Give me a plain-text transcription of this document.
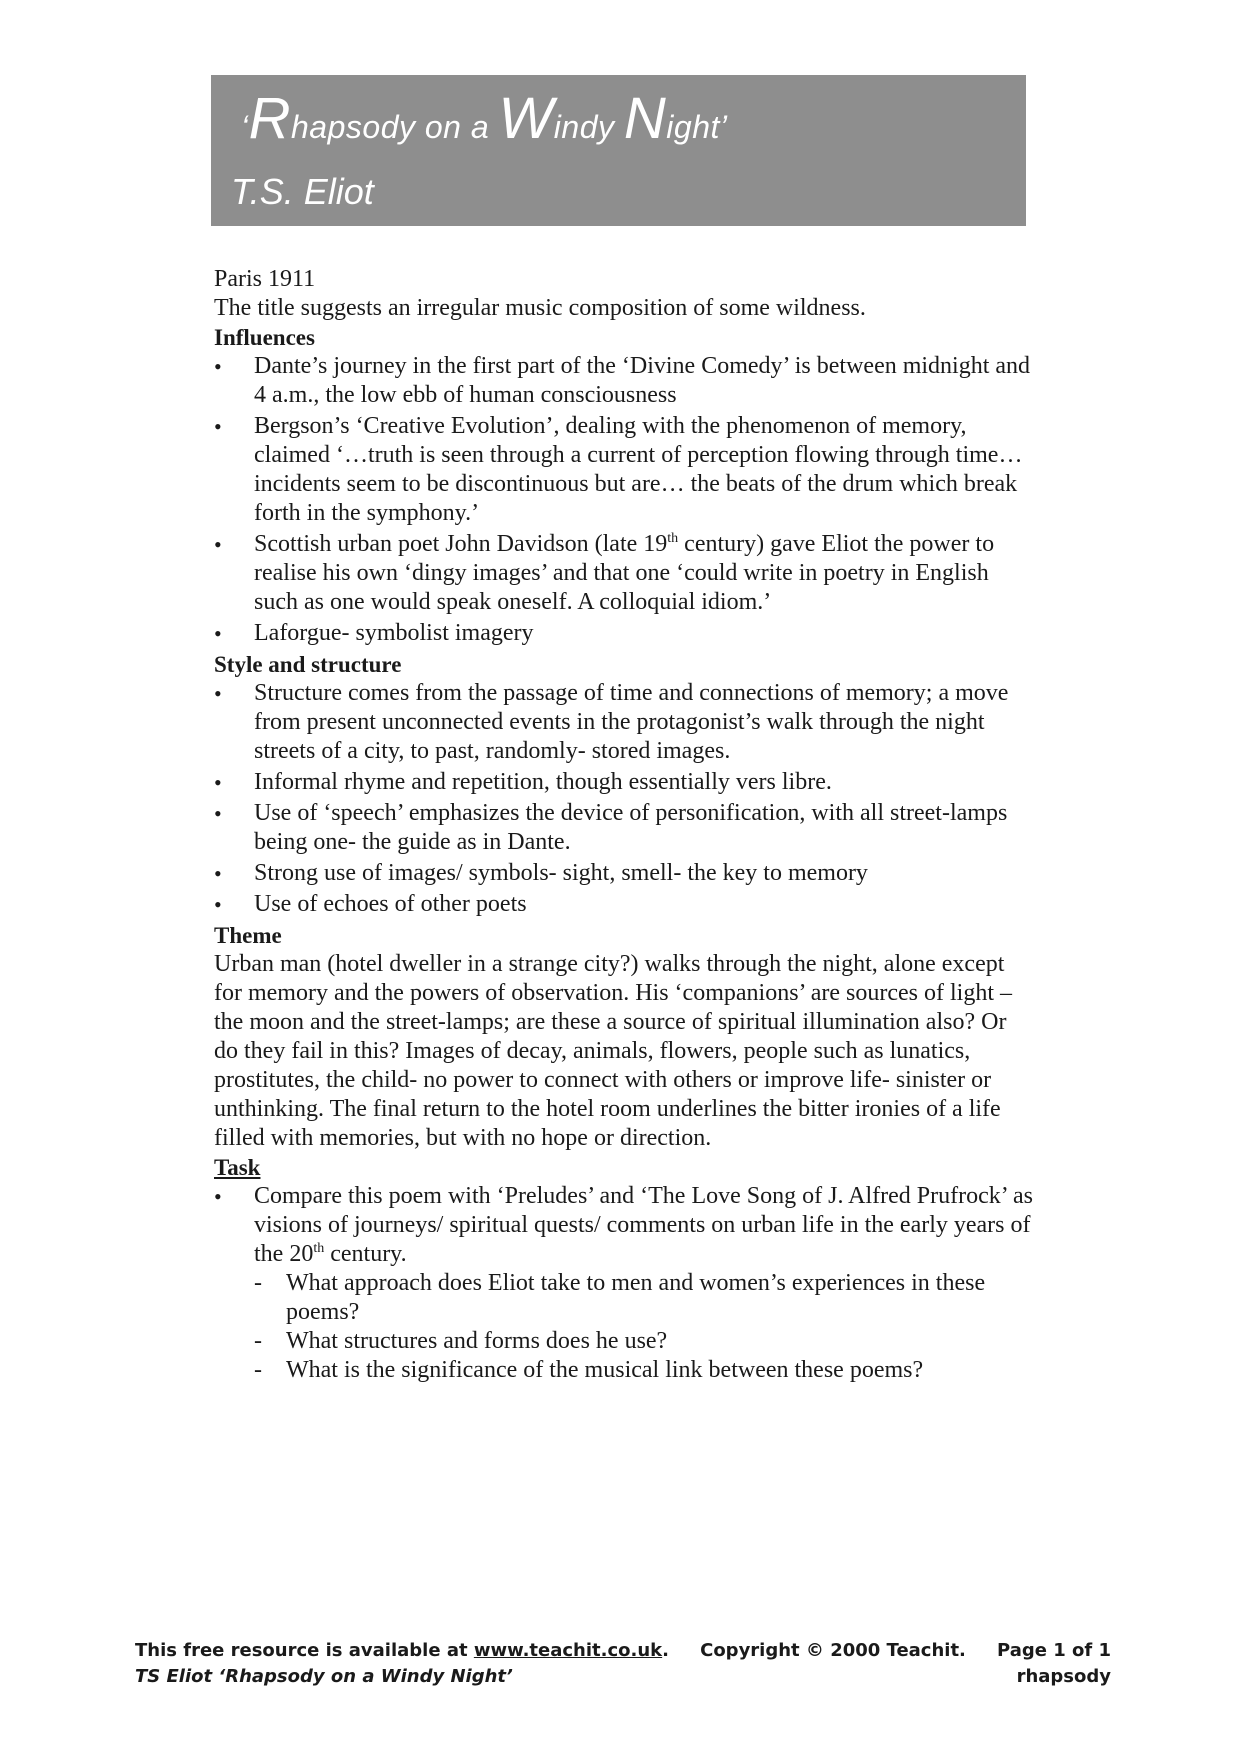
‘Rhapsody on a Windy Night’
T.S. Eliot

Paris 1911

The title suggests an irregular music composition of some wildness.

Influences

• Dante’s journey in the first part of the ‘Divine Comedy’ is between midnight and 4 a.m., the low ebb of human consciousness
• Bergson’s ‘Creative Evolution’, dealing with the phenomenon of memory, claimed ‘…truth is seen through a current of perception flowing through time… incidents seem to be discontinuous but are… the beats of the drum which break forth in the symphony.’
• Scottish urban poet John Davidson (late 19th century) gave Eliot the power to realise his own ‘dingy images’ and that one ‘could write in poetry in English such as one would speak oneself. A colloquial idiom.’
• Laforgue- symbolist imagery

Style and structure

• Structure comes from the passage of time and connections of memory; a move from present unconnected events in the protagonist’s walk through the night streets of a city, to past, randomly- stored images.
• Informal rhyme and repetition, though essentially vers libre.
• Use of ‘speech’ emphasizes the device of personification, with all street-lamps being one- the guide as in Dante.
• Strong use of images/ symbols- sight, smell- the key to memory
• Use of echoes of other poets

Theme

Urban man (hotel dweller in a strange city?) walks through the night, alone except for memory and the powers of observation. His ‘companions’ are sources of light – the moon and the street-lamps; are these a source of spiritual illumination also? Or do they fail in this? Images of decay, animals, flowers, people such as lunatics, prostitutes, the child- no power to connect with others or improve life- sinister or unthinking. The final return to the hotel room underlines the bitter ironies of a life filled with memories, but with no hope or direction.

Task

• Compare this poem with ‘Preludes’ and ‘The Love Song of J. Alfred Prufrock’ as visions of journeys/ spiritual quests/ comments on urban life in the early years of the 20th century.
- What approach does Eliot take to men and women’s experiences in these poems?
- What structures and forms does he use?
- What is the significance of the musical link between these poems?
This free resource is available at www.teachit.co.uk. Copyright © 2000 Teachit. Page 1 of 1
TS Eliot ‘Rhapsody on a Windy Night’	rhapsody
